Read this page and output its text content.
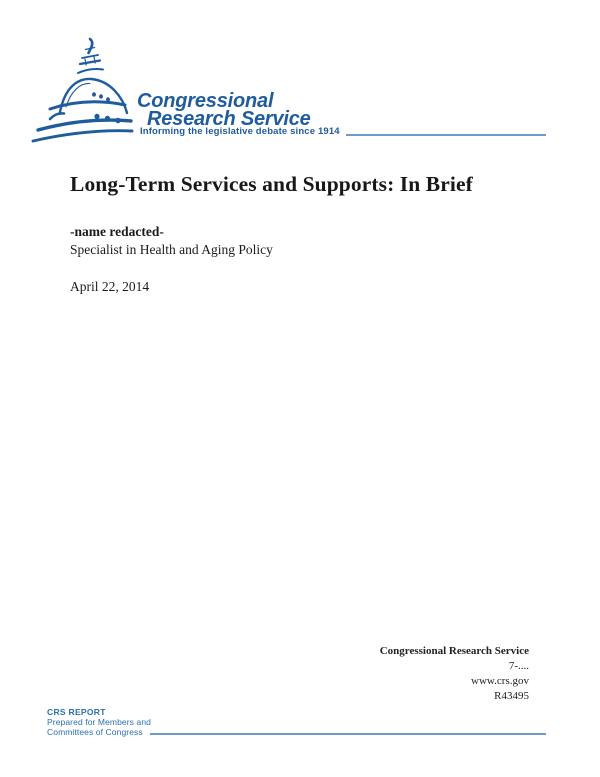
Congressional
Research Service
Informing the legislative debate since 1914
Long-Term Services and Supports: In Brief
-name redacted-
Specialist in Health and Aging Policy
April 22, 2014
Congressional Research Service
7-....
www.crs.gov
R43495
CRS REPORT
Prepared for Members and
Committees of Congress
